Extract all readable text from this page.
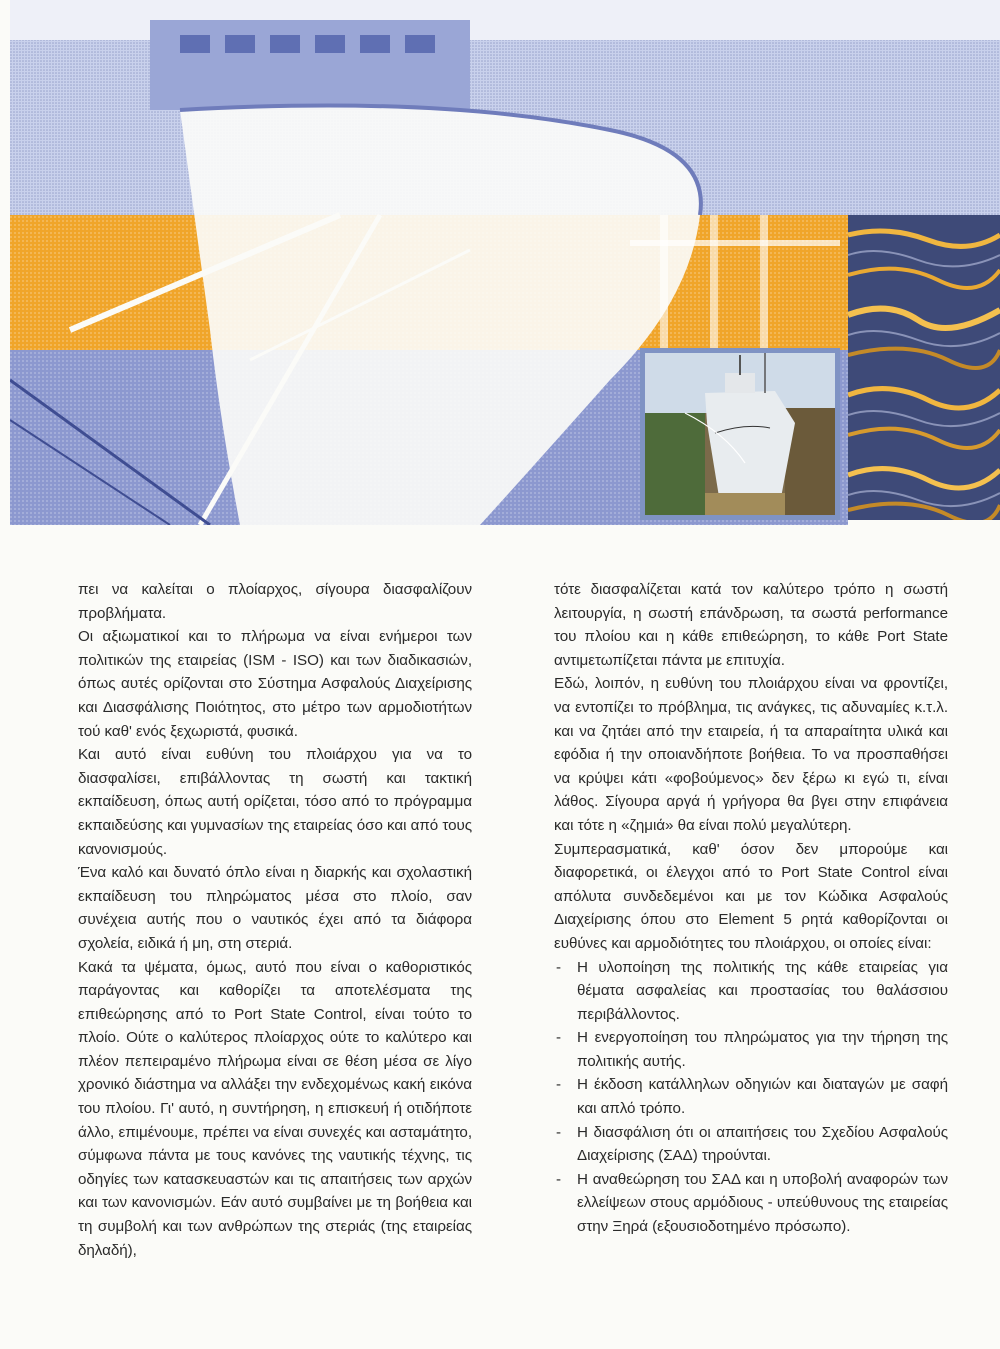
πει να καλείται ο πλοίαρχος, σίγουρα διασφαλίζουν προβλήματα.

Οι αξιωματικοί και το πλήρωμα να είναι ενήμεροι των πολιτικών της εταιρείας (ISM - ISO) και των διαδικασιών, όπως αυτές ορίζονται στο Σύστημα Ασφαλούς Διαχείρισης και Διασφάλισης Ποιότητος, στο μέτρο των αρμοδιοτήτων τού καθ' ενός ξεχωριστά, φυσικά.

Και αυτό είναι ευθύνη του πλοιάρχου για να το διασφαλίσει, επιβάλλοντας τη σωστή και τακτική εκπαίδευση, όπως αυτή ορίζεται, τόσο από το πρόγραμμα εκπαιδεύσης και γυμνασίων της εταιρείας όσο και από τους κανονισμούς.

Ένα καλό και δυνατό όπλο είναι η διαρκής και σχολαστική εκπαίδευση του πληρώματος μέσα στο πλοίο, σαν συνέχεια αυτής που ο ναυτικός έχει από τα διάφορα σχολεία, ειδικά ή μη, στη στεριά.

Κακά τα ψέματα, όμως, αυτό που είναι ο καθοριστικός παράγοντας και καθορίζει τα αποτελέσματα της επιθεώρησης από το Port State Control, είναι τούτο το πλοίο. Ούτε ο καλύτερος πλοίαρχος ούτε το καλύτερο και πλέον πεπειραμένο πλήρωμα είναι σε θέση μέσα σε λίγο χρονικό διάστημα να αλλάξει την ενδεχομένως κακή εικόνα του πλοίου. Γι' αυτό, η συντήρηση, η επισκευή ή οτιδήποτε άλλο, επιμένουμε, πρέπει να είναι συνεχές και ασταμάτητο, σύμφωνα πάντα με τους κανόνες της ναυτικής τέχνης, τις οδηγίες των κατασκευαστών και τις απαιτήσεις των αρχών και των κανονισμών. Εάν αυτό συμβαίνει με τη βοήθεια και τη συμβολή και των ανθρώπων της στεριάς (της εταιρείας δηλαδή),

τότε διασφαλίζεται κατά τον καλύτερο τρόπο η σωστή λειτουργία, η σωστή επάνδρωση, τα σωστά performance του πλοίου και η κάθε επιθεώρηση, το κάθε Port State αντιμετωπίζεται πάντα με επιτυχία.

Εδώ, λοιπόν, η ευθύνη του πλοιάρχου είναι να φροντίζει, να εντοπίζει το πρόβλημα, τις ανάγκες, τις αδυναμίες κ.τ.λ. και να ζητάει από την εταιρεία, ή τα απαραίτητα υλικά και εφόδια ή την οποιανδήποτε βοήθεια. Το να προσπαθήσει να κρύψει κάτι «φοβούμενος» δεν ξέρω κι εγώ τι, είναι λάθος. Σίγουρα αργά ή γρήγορα θα βγει στην επιφάνεια και τότε η «ζημιά» θα είναι πολύ μεγαλύτερη.

Συμπερασματικά, καθ' όσον δεν μπορούμε και διαφορετικά, οι έλεγχοι από το Port State Control είναι απόλυτα συνδεδεμένοι και με τον Κώδικα Ασφαλούς Διαχείρισης όπου στο Element 5 ρητά καθορίζονται οι ευθύνες και αρμοδιότητες του πλοιάρχου, οι οποίες είναι:

- Η υλοποίηση της πολιτικής της κάθε εταιρείας για θέματα ασφαλείας και προστασίας του θαλάσσιου περιβάλλοντος.
- Η ενεργοποίηση του πληρώματος για την τήρηση της πολιτικής αυτής.
- Η έκδοση κατάλληλων οδηγιών και διαταγών με σαφή και απλό τρόπο.
- Η διασφάλιση ότι οι απαιτήσεις του Σχεδίου Ασφαλούς Διαχείρισης (ΣΑΔ) τηρούνται.
- Η αναθεώρηση του ΣΑΔ και η υποβολή αναφορών των ελλείψεων στους αρμόδιους - υπεύθυνους της εταιρείας στην Ξηρά (εξουσιοδοτημένο πρόσωπο).
